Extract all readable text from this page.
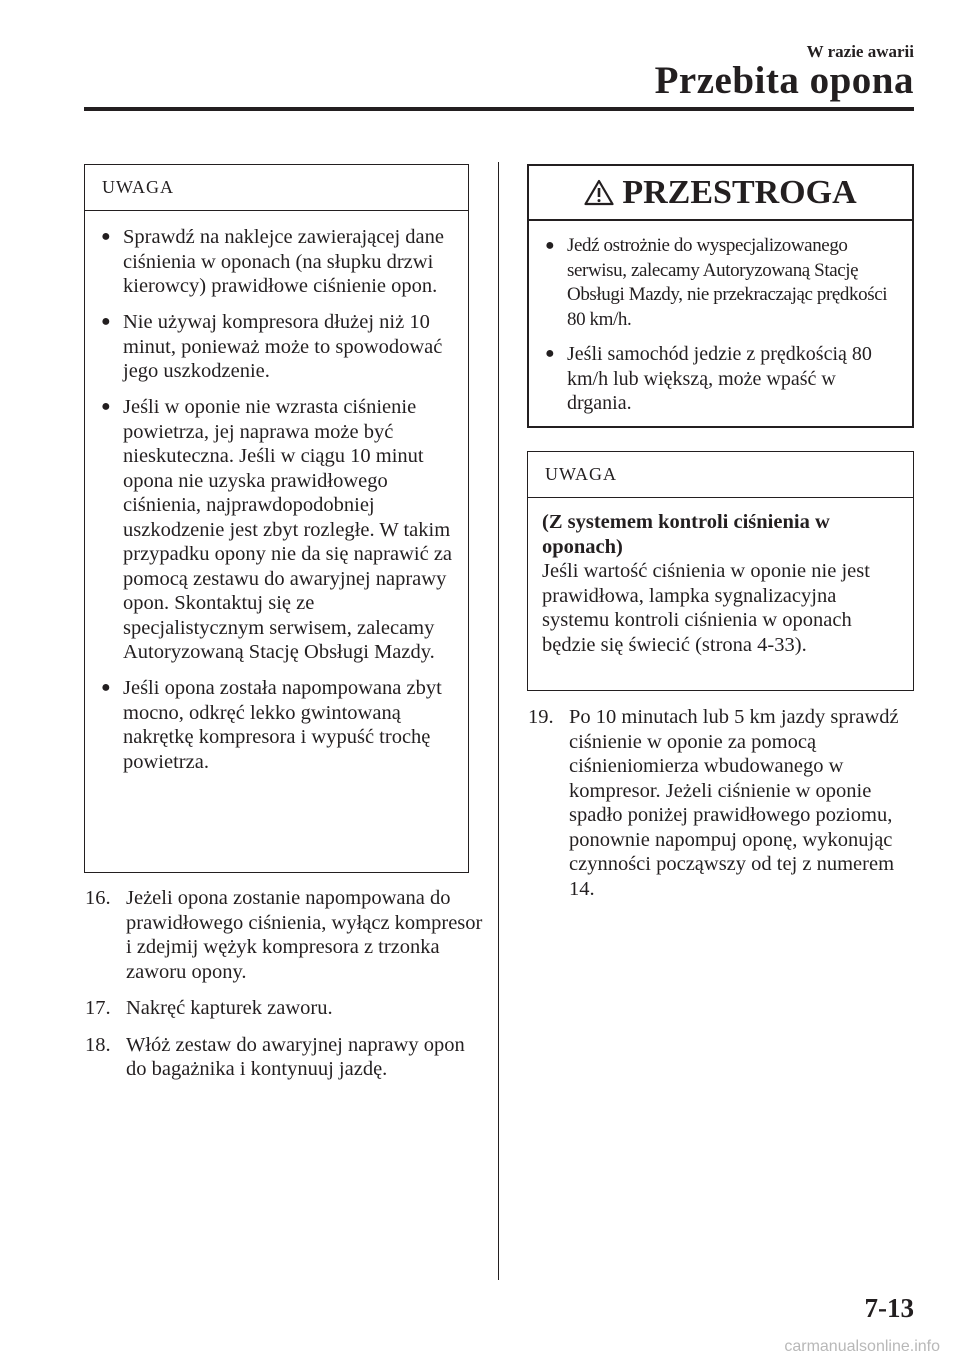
W razie awarii
Przebita opona
UWAGA
● Sprawdź na naklejce zawierającej dane ciśnienia w oponach (na słupku drzwi kierowcy) prawidłowe ciśnienie opon.
● Nie używaj kompresora dłużej niż 10 minut, ponieważ może to spowodować jego uszkodzenie.
● Jeśli w oponie nie wzrasta ciśnienie powietrza, jej naprawa może być nieskuteczna. Jeśli w ciągu 10 minut opona nie uzyska prawidłowego ciśnienia, najprawdopodobniej uszkodzenie jest zbyt rozległe. W takim przypadku opony nie da się naprawić za pomocą zestawu do awaryjnej naprawy opon. Skontaktuj się ze specjalistycznym serwisem, zalecamy Autoryzowaną Stację Obsługi Mazdy.
● Jeśli opona została napompowana zbyt mocno, odkręć lekko gwintowaną nakrętkę kompresora i wypuść trochę powietrza.
16. Jeżeli opona zostanie napompowana do prawidłowego ciśnienia, wyłącz kompresor i zdejmij wężyk kompresora z trzonka zaworu opony.
17. Nakręć kapturek zaworu.
18. Włóż zestaw do awaryjnej naprawy opon do bagażnika i kontynuuj jazdę.
PRZESTROGA
● Jedź ostrożnie do wyspecjalizowanego serwisu, zalecamy Autoryzowaną Stację Obsługi Mazdy, nie przekraczając prędkości 80 km/h.
● Jeśli samochód jedzie z prędkością 80 km/h lub większą, może wpaść w drgania.
UWAGA
(Z systemem kontroli ciśnienia w oponach)
Jeśli wartość ciśnienia w oponie nie jest prawidłowa, lampka sygnalizacyjna systemu kontroli ciśnienia w oponach będzie się świecić (strona 4-33).
19. Po 10 minutach lub 5 km jazdy sprawdź ciśnienie w oponie za pomocą ciśnieniomierza wbudowanego w kompresor. Jeżeli ciśnienie w oponie spadło poniżej prawidłowego poziomu, ponownie napompuj oponę, wykonując czynności począwszy od tej z numerem 14.
7-13
carmanualsonline.info
